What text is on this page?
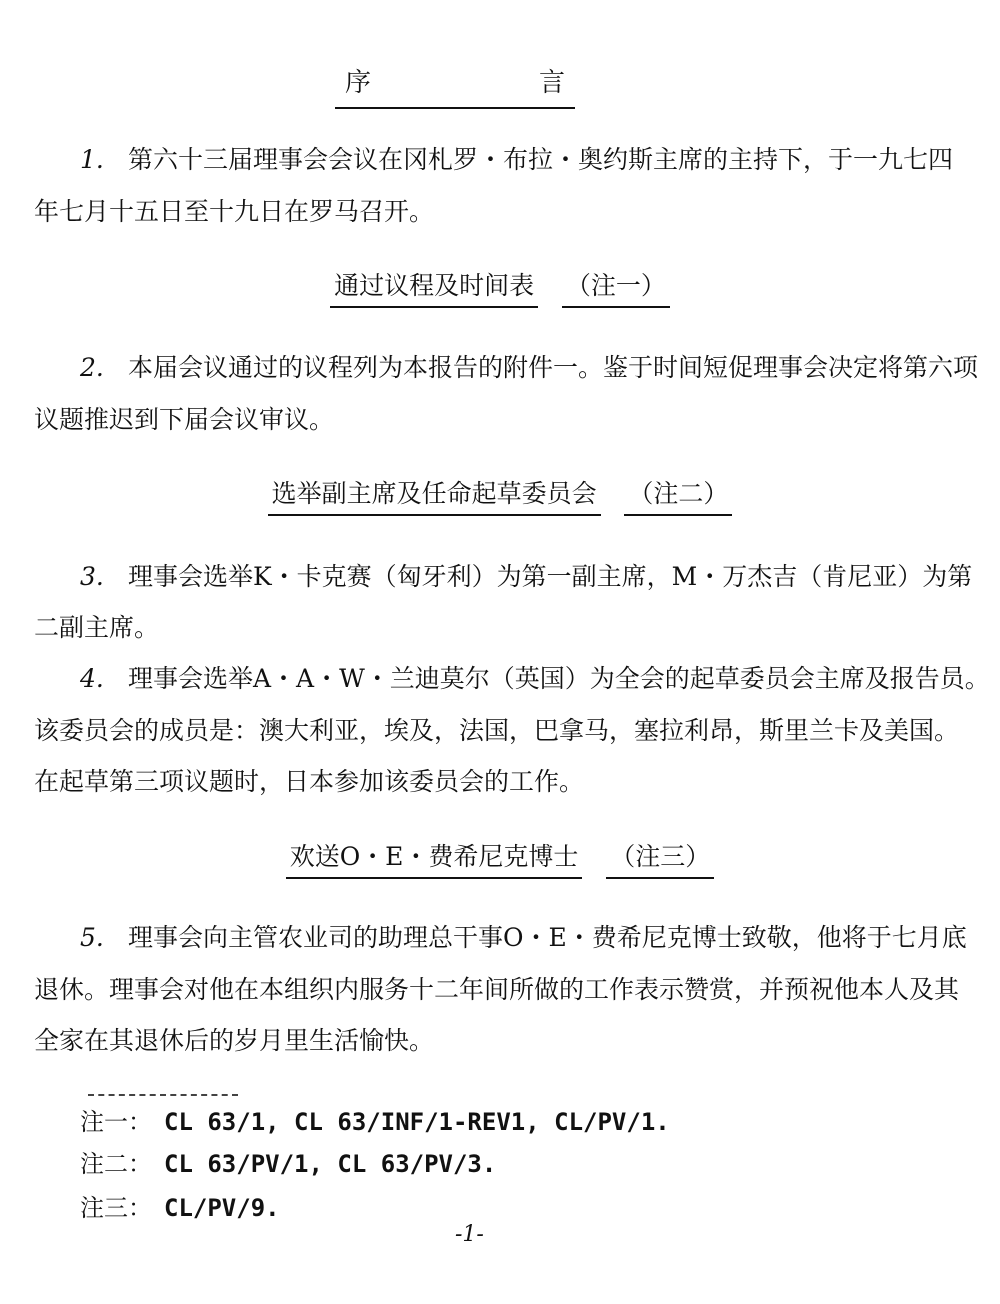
序	言
1. 第六十三届理事会会议在冈札罗・布拉・奥约斯主席的主持下，于一九七四
年七月十五日至十九日在罗马召开。
通过议程及时间表 （注一）
2. 本届会议通过的议程列为本报告的附件一。鉴于时间短促理事会决定将第六项
议题推迟到下届会议审议。
选举副主席及任命起草委员会 （注二）
3. 理事会选举K・卡克赛（匈牙利）为第一副主席，M・万杰吉（肯尼亚）为第
二副主席。
4. 理事会选举A・A・W・兰迪莫尔（英国）为全会的起草委员会主席及报告员。
该委员会的成员是：澳大利亚，埃及，法国，巴拿马，塞拉利昂，斯里兰卡及美国。
在起草第三项议题时，日本参加该委员会的工作。
欢送O・E・费希尼克博士 （注三）
5. 理事会向主管农业司的助理总干事O・E・费希尼克博士致敬，他将于七月底
退休。理事会对他在本组织内服务十二年间所做的工作表示赞赏，并预祝他本人及其
全家在其退休后的岁月里生活愉快。
注一： CL 63/1, CL 63/INF/1-REV1, CL/PV/1.
注二： CL 63/PV/1, CL 63/PV/3.
注三： CL/PV/9.
-1-
